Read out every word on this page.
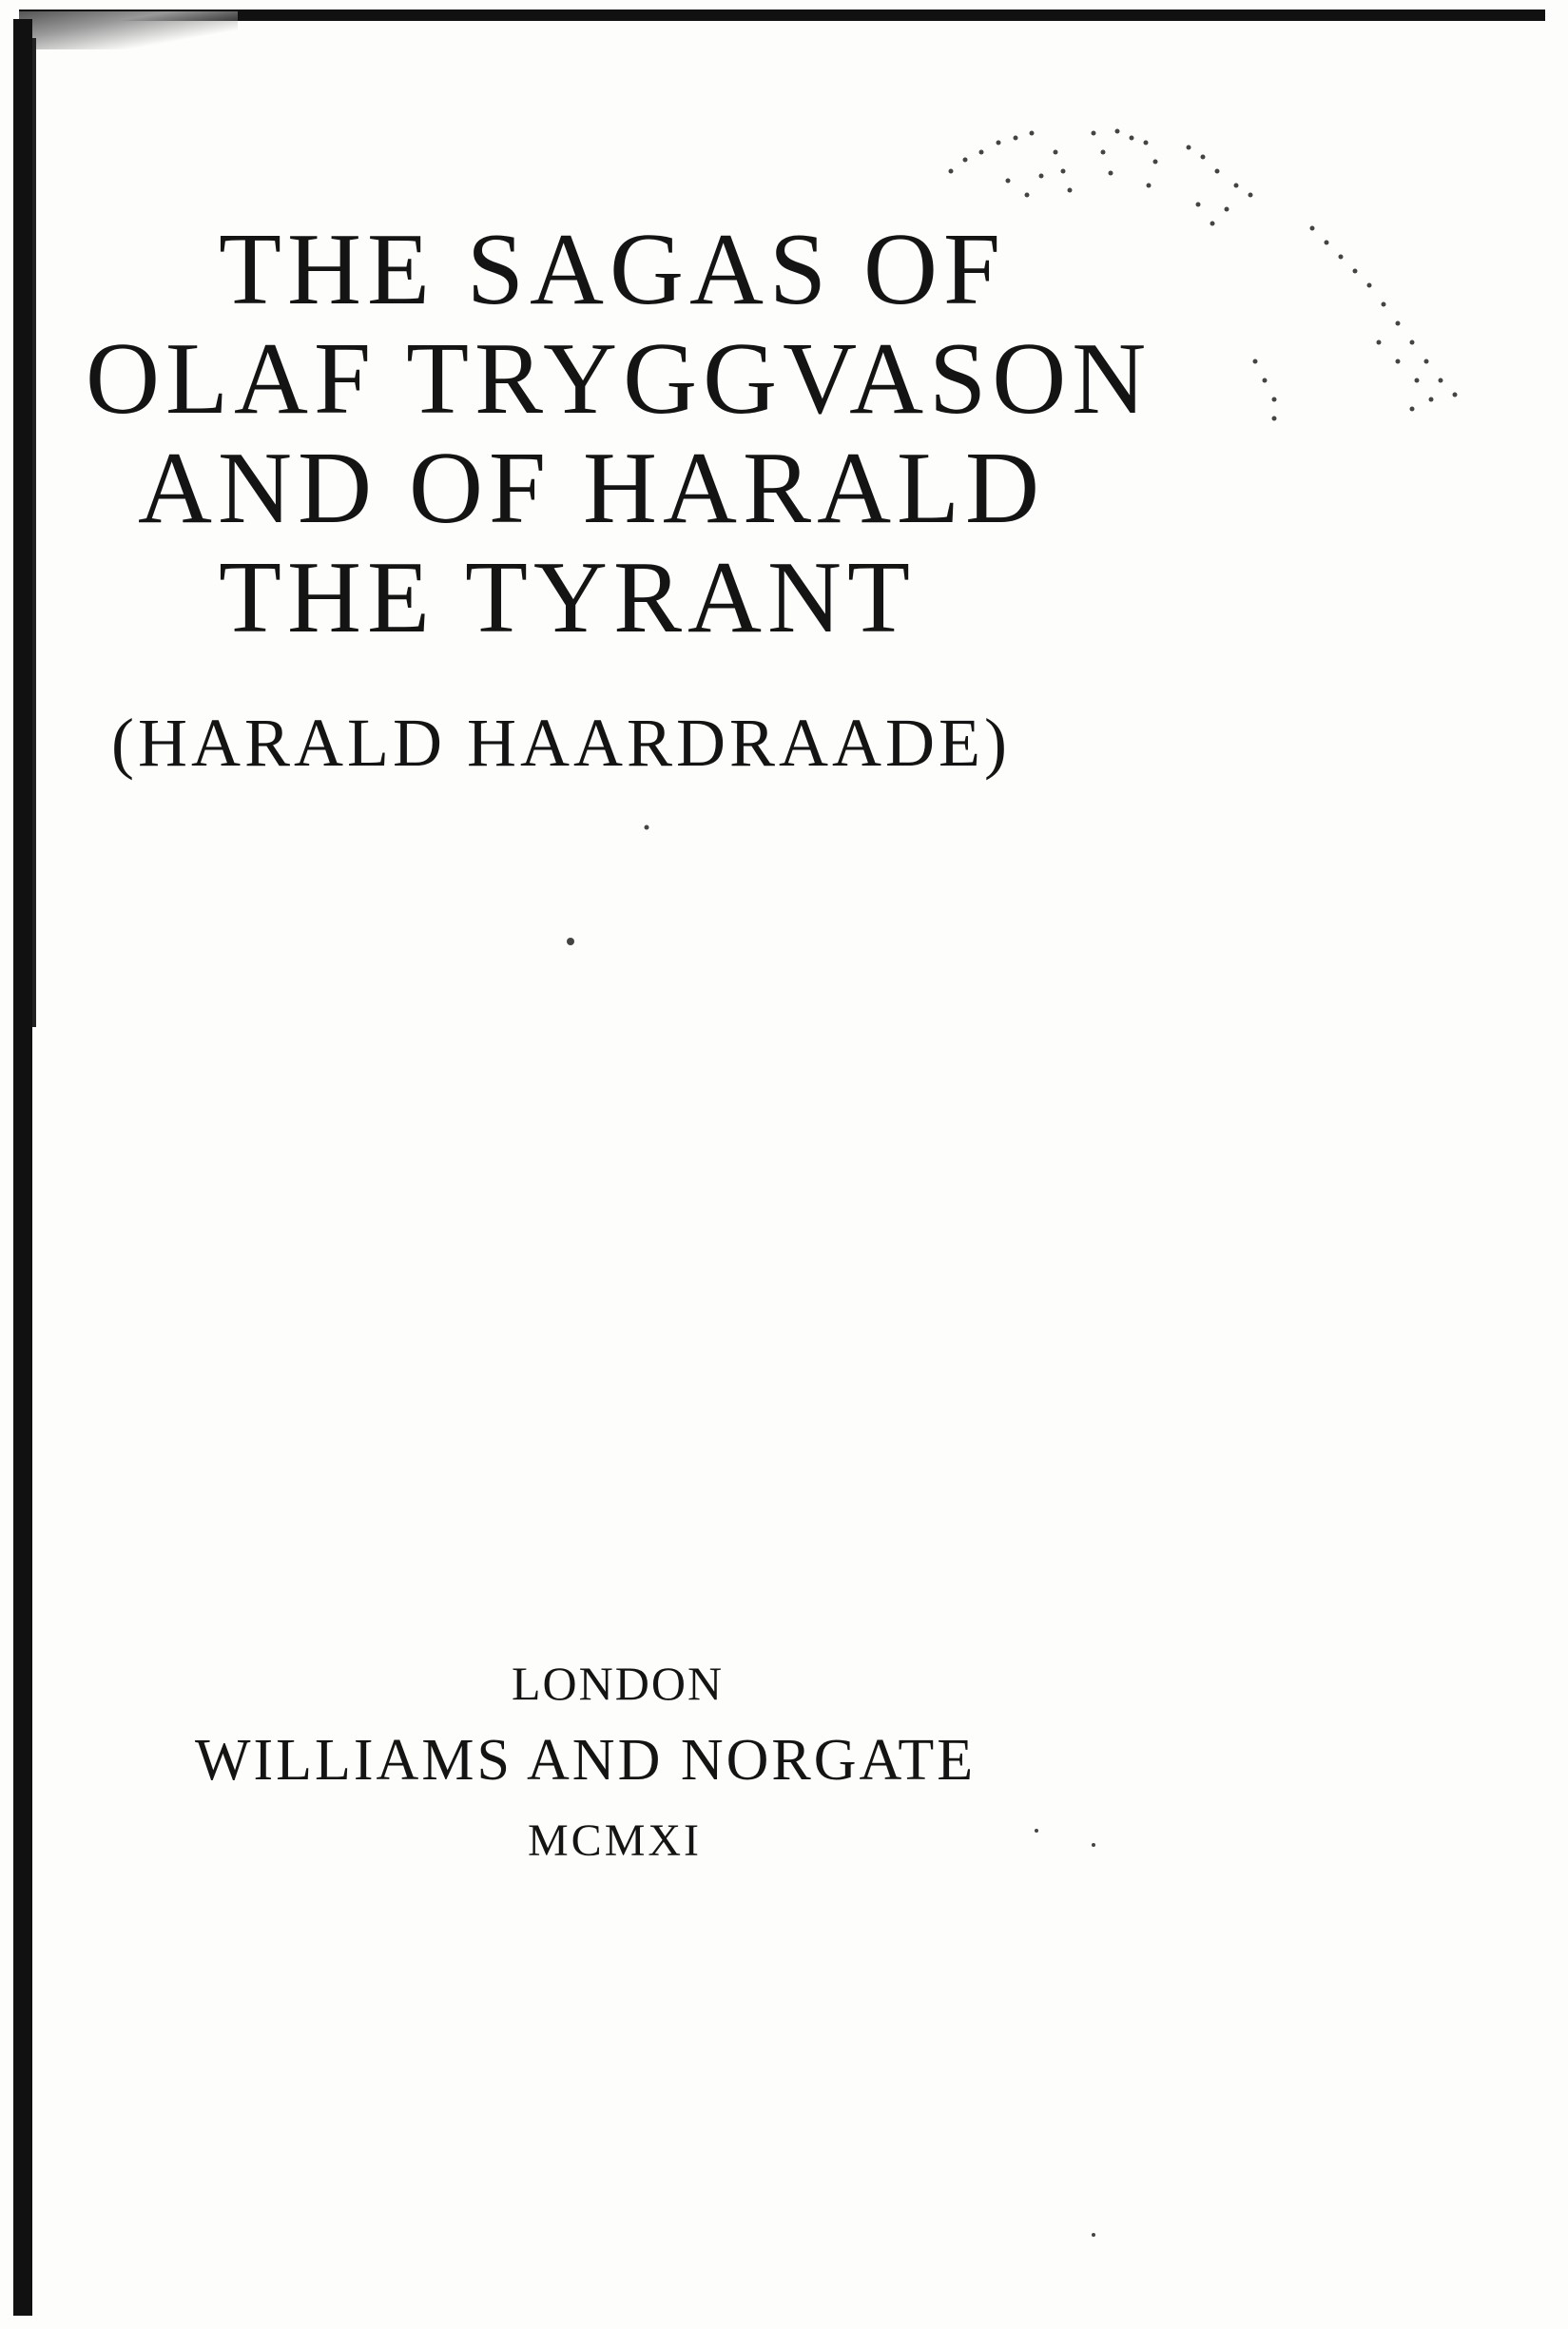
THE SAGAS OF
OLAF TRYGGVASON
AND OF HARALD
THE TYRANT
(HARALD HAARDRAADE)
LONDON
WILLIAMS AND NORGATE
MCMXI
